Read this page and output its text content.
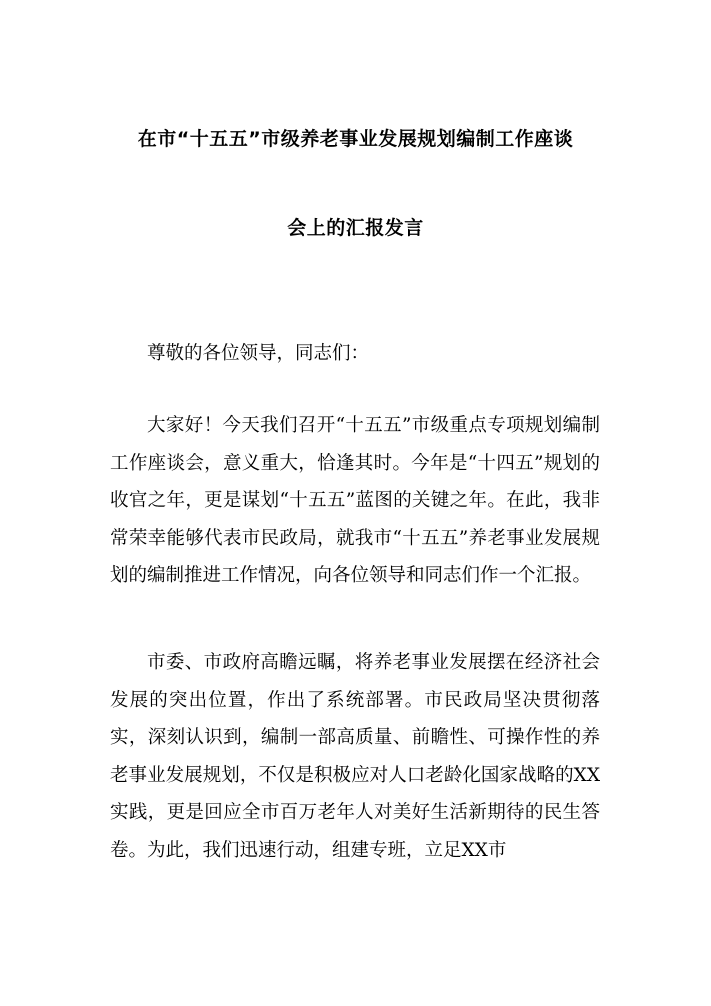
在市“十五五”市级养老事业发展规划编制工作座谈
会上的汇报发言

尊敬的各位领导，同志们：

大家好！今天我们召开“十五五”市级重点专项规划编制工作座谈会，意义重大，恰逢其时。今年是“十四五”规划的收官之年，更是谋划“十五五”蓝图的关键之年。在此，我非常荣幸能够代表市民政局，就我市“十五五”养老事业发展规划的编制推进工作情况，向各位领导和同志们作一个汇报。

市委、市政府高瞻远瞩，将养老事业发展摆在经济社会发展的突出位置，作出了系统部署。市民政局坚决贯彻落实，深刻认识到，编制一部高质量、前瞻性、可操作性的养老事业发展规划，不仅是积极应对人口老龄化国家战略的XX实践，更是回应全市百万老年人对美好生活新期待的民生答卷。为此，我们迅速行动，组建专班，立足XX市
